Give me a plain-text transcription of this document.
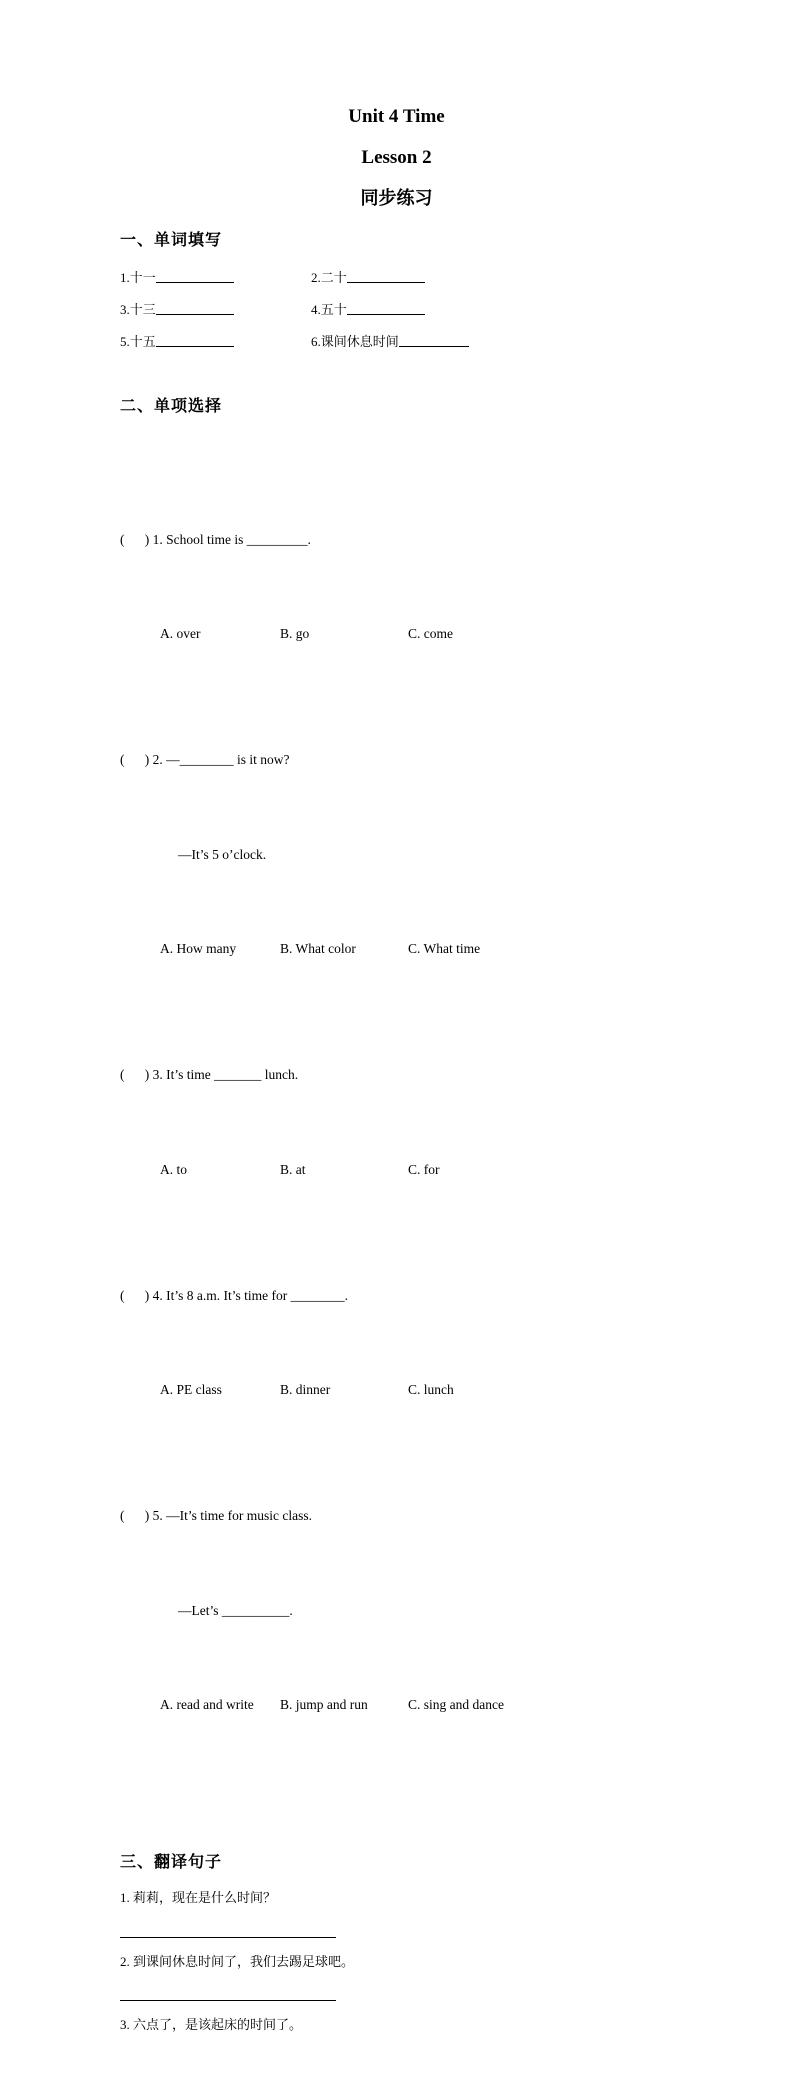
Unit 4 Time
Lesson 2
同步练习
一、单词填写
1.十一	2.二十
3.十三	4.五十
5.十五	6.课间休息时间
二、单项选择

(      ) 1. School time is _________.

A. over	B. go	C. come

(      ) 2. —________ is it now?

—It’s 5 o’clock.

A. How many	B. What color	C. What time

(      ) 3. It’s time _______ lunch.

A. to	B. at	C. for

(      ) 4. It’s 8 a.m. It’s time for ________.

A. PE class	B. dinner	C. lunch

(      ) 5. —It’s time for music class.

—Let’s __________.

A. read and write B. jump and run	C. sing and dance

三、翻译句子
1. 莉莉，现在是什么时间？
2. 到课间休息时间了，我们去踢足球吧。
3. 六点了，是该起床的时间了。
